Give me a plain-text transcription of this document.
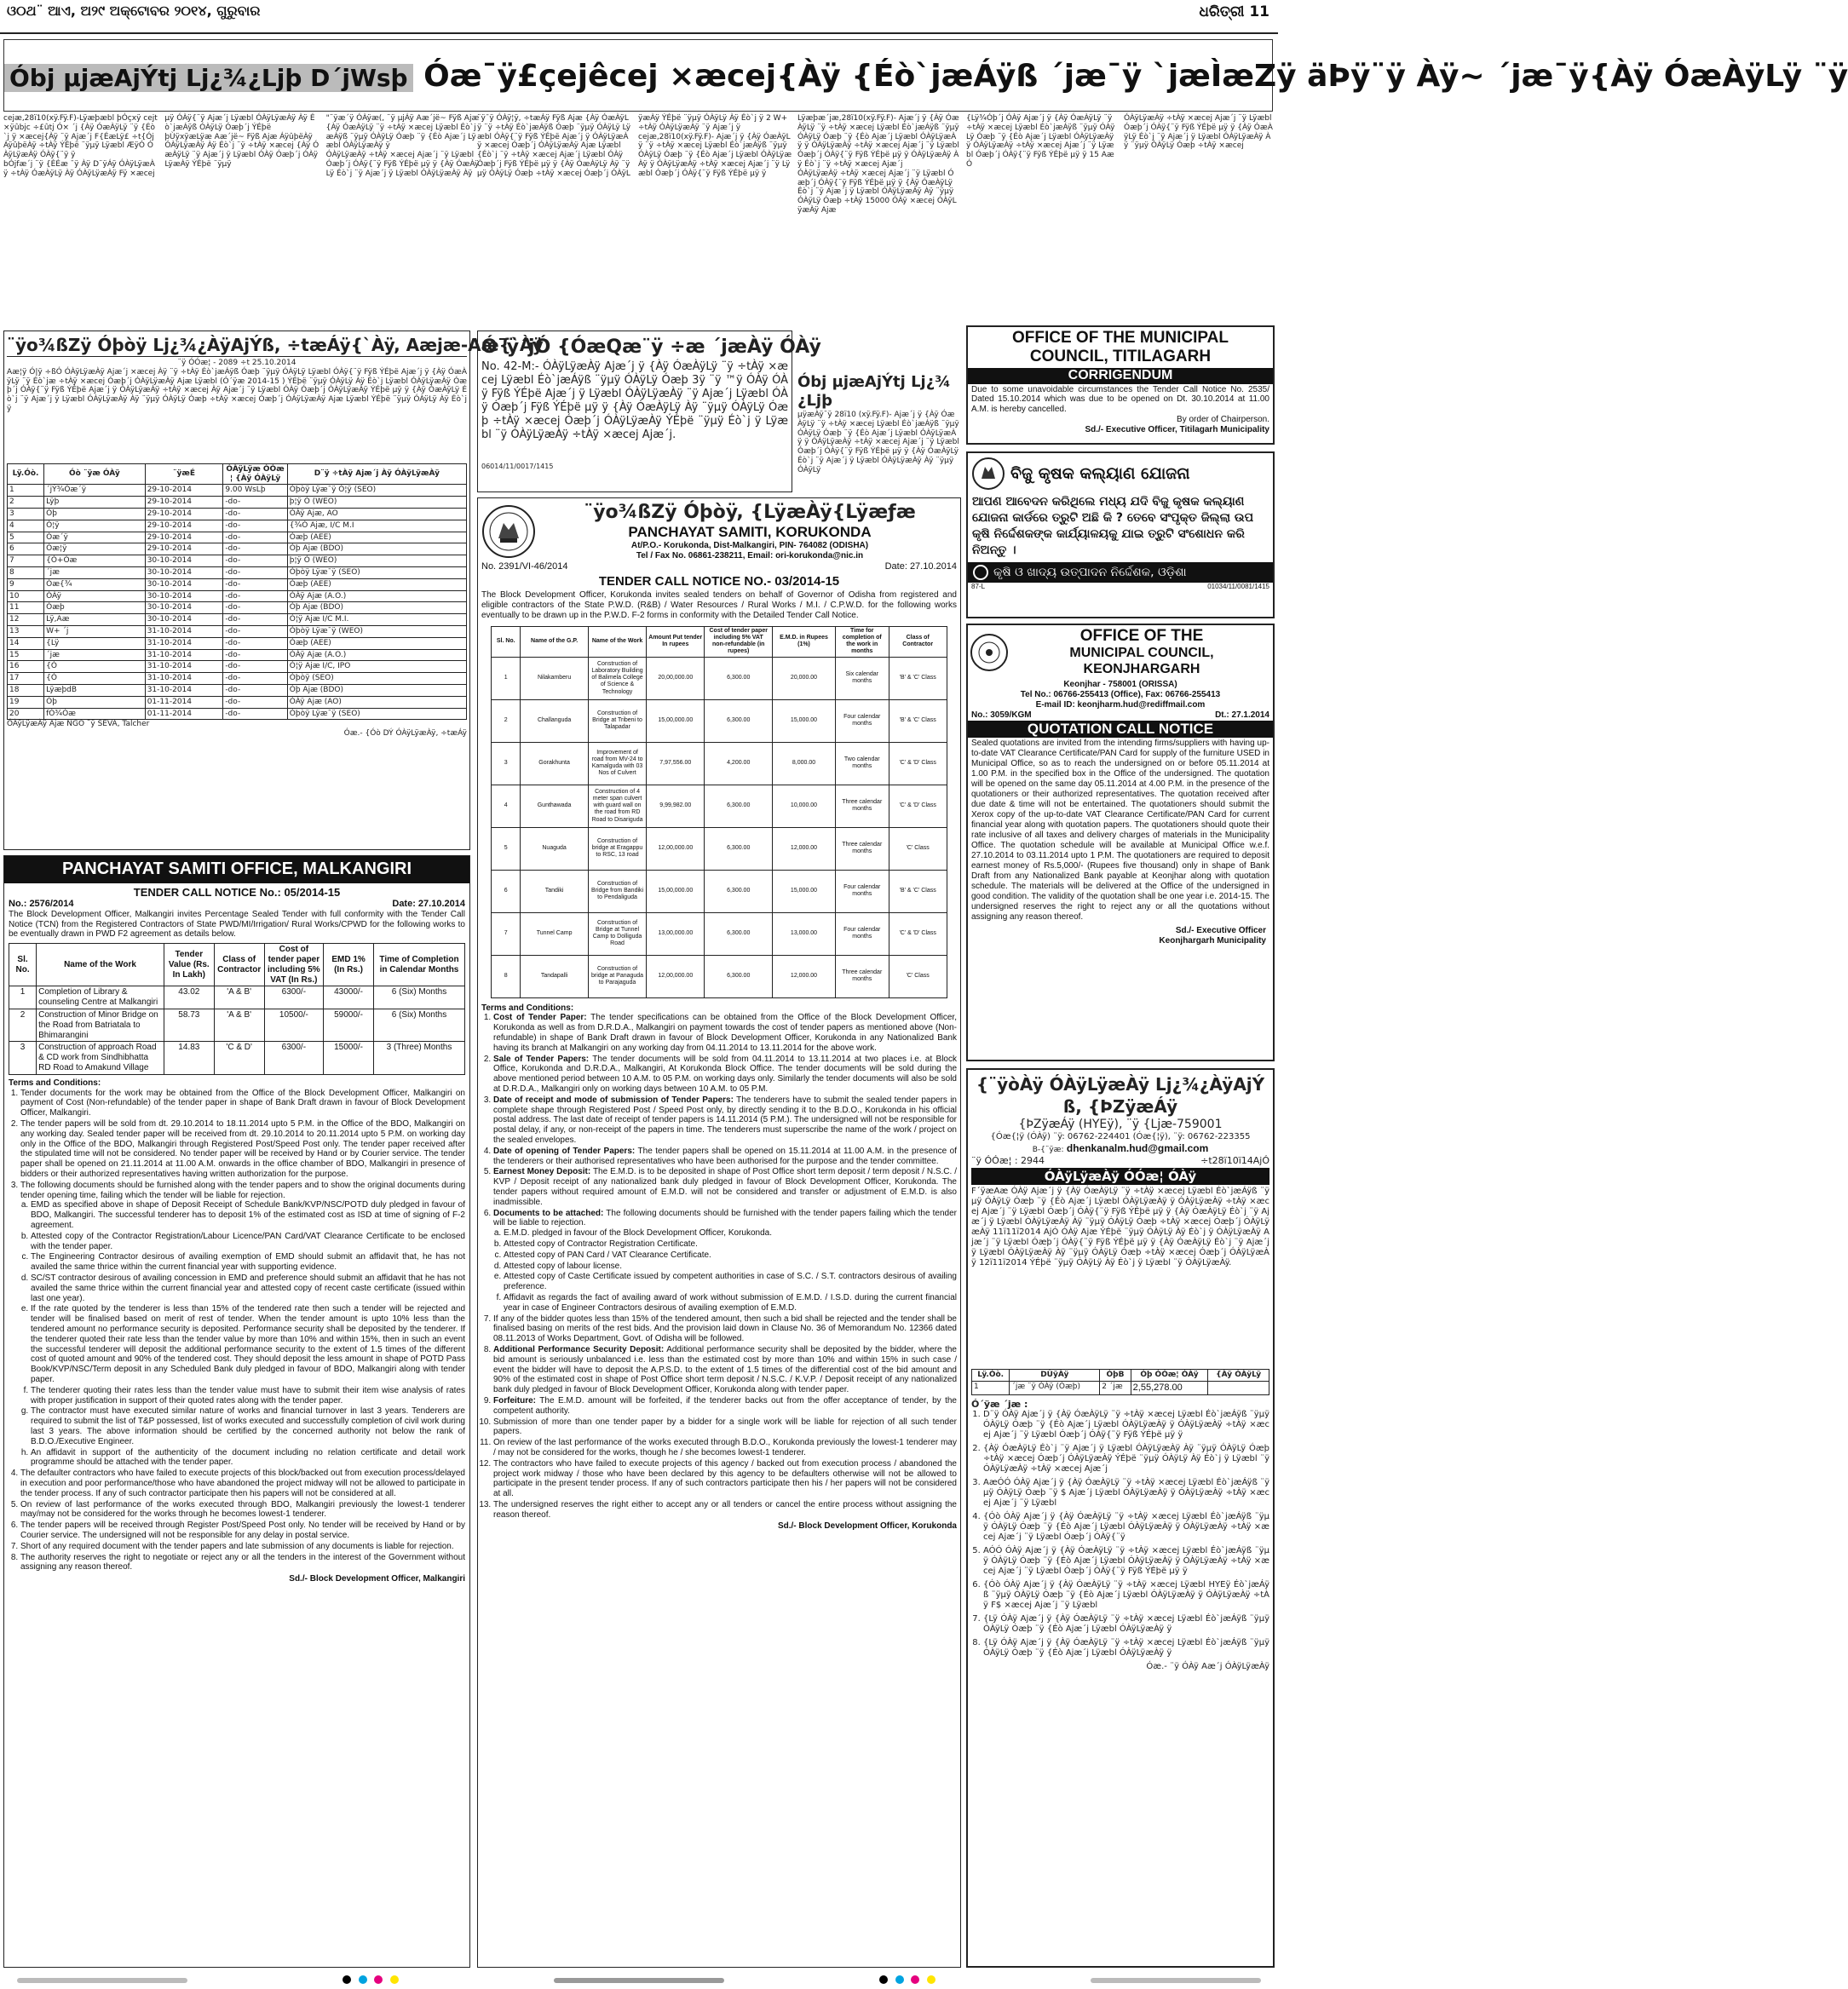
ଓ୦ଥ¨ ଆଏ, ଅ୨୯ ଅକ୍ଟୋବର ୨୦୧୪, ଗୁରୁବାର	ଧରିତ୍ରୀ 11
Óbj µjæAjÝtj Lj¿¾¿Ljþ D´jWsþ Óæ¯ÿ£çejêcej ×æcej{Àÿ {Éò`jæÁÿß ´jæ¯ÿ `jæÌæZÿ äÞÿ¨ÿ Àÿ~ ´jæ¯ÿ{Àÿ ÓæÀÿLÿ ¨ÿ

cejæ,28ï10(xÿ.Fÿ.F)-Lÿæþæbl þÓçxÿ cejt×ÿûbjc ÷£ûtj Ó× ´j {Àÿ ÓæÀÿLÿ ¨ÿ {Éò`j ÿ ×æcej{Àÿ ¨ÿ Ajæ´j F{ÉæLÿ£ ÷t{Ój ÁÿûþëÀÿ ÷tÀÿ ÝÉþë ¨ÿµÿ Lÿæbl ÆÿÓ ÓÀÿLÿæÀÿ ÓÀÿ{¨ÿ ÿ

bÓjfæ´j ¨ÿ {ÉÉæ ¯ÿ Àÿ D¨ÿÁÿ ÓÀÿLÿæÀÿ ÷tÀÿ ÓæÀÿLÿ Àÿ ÓÀÿLÿæÀÿ Fÿ ×æcej µÿ ÓÀÿ{¨ÿ Ajæ´j Lÿæbl ÓÀÿLÿæÀÿ Àÿ Éò`jæÁÿß ÓÀÿLÿ Óæþ´j ÝÉþë

þÙÿxÿæLÿæ Aæ´jë~ Fÿß Ajæ ÁÿûþëÀÿ ÓÀÿLÿæÀÿ Àÿ Éò`j ¨ÿ ÷tÀÿ ×æcej {Àÿ ÓæÀÿLÿ ¨ÿ Ajæ´j ÿ Lÿæbl ÓÀÿ Óæþ´j ÓÀÿLÿæÀÿ ÝÉþë ¨ÿµÿ

"¨ÿæ´ÿ ÓÀÿæ(, ¨ÿ µjÁÿ Aæ´jë~ Fÿß Ajæ {Àÿ ÓæÀÿLÿ ¨ÿ ÷tÀÿ ×æcej Lÿæbl Éò`jæÁÿß ¨ÿµÿ ÓÀÿLÿ Óæþ ¨ÿ {Éò Ajæ´j Lÿæbl ÓÀÿLÿæÀÿ ÿ

ÓÀÿLÿæÀÿ ÷tÀÿ ×æcej Ajæ´j ¨ÿ Lÿæbl Óæþ´j ÓÀÿ{¨ÿ Fÿß ÝÉþë µÿ ÿ {Àÿ ÓæÀÿLÿ Éò`j ¨ÿ Ajæ´j ÿ Lÿæbl ÓÀÿLÿæÀÿ Àÿ

¨ÿo¾ßZÿ Óþòÿ Lj¿¾¿ÀÿAjÝß, ÷tæÁÿ{`Àÿ, Aæjæ-Aæ{`Àÿ
¨ÿ ÓÓæ¦ - 2089 ÷t 25.10.2014
Aæ¦ÿ Ó|ÿ ÷ßÓ ÓÀÿLÿæÀÿ Ajæ´j ×æcej Àÿ ¨ÿ ÷tÀÿ Éò`jæÁÿß Óæþ ¨ÿµÿ ÓÀÿLÿ Lÿæbl ÓÀÿ{¨ÿ Fÿß ÝÉþë Ajæ´j ÿ {Àÿ ÓæÀÿLÿ ¨ÿ Éò`jæ ÷tÀÿ ×æcej Óæþ´j ÓÀÿLÿæÀÿ Ajæ Lÿæbl (Ó´ÿæ 2014-15 ) ÝÉþë ¨ÿµÿ ÓÀÿLÿ Àÿ Éò`j Lÿæbl ÓÀÿLÿæÀÿ Óæþ´j ÓÀÿ{¨ÿ Fÿß ÝÉþë Ajæ´j ÿ ÓÀÿLÿæÀÿ ÷tÀÿ ×æcej Àÿ Ajæ´j ¨ÿ Lÿæbl ÓÀÿ Óæþ´j ÓÀÿLÿæÀÿ ÝÉþë µÿ ÿ {Àÿ ÓæÀÿLÿ Éò`j ¨ÿ Ajæ´j ÿ Lÿæbl ÓÀÿLÿæÀÿ Àÿ ¨ÿµÿ ÓÀÿLÿ Óæþ ÷tÀÿ ×æcej Óæþ´j ÓÀÿLÿæÀÿ Ajæ Lÿæbl ÝÉþë ¨ÿµÿ ÓÀÿLÿ Àÿ Éò`j ÿ
Lÿ.Óò.	Óò ¨ÿæ ÓÀÿ	¨ÿæÉ	ÓÀÿLÿæ ÓÓæ¦ {Àÿ ÓÀÿLÿ	D¨ÿ ÷tÀÿ Ajæ´j Àÿ ÓÀÿLÿæÀÿ
1	´jÝ¾Óæ´ÿ	29-10-2014	9.00 WsLþ	Óþòÿ Lÿæ¯ÿ Ó¦ÿ (SEO)
2	Lÿþ	29-10-2014	-do-	þ¦ÿ Ó (WEO)
3	Óþ	29-10-2014	-do-	ÓÀÿ Ajæ, AO
4	Ó¦ÿ	29-10-2014	-do-	{¾Ó Ajæ, I/C M.I
5	Óæ´ÿ	29-10-2014	-do-	Óæþ (AEE)
6	Óæ¦ÿ	29-10-2014	-do-	Óþ Ajæ (BDO)
7	{Ó+Óæ	30-10-2014	-do-	þ¦ÿ Ó (WEO)
8	´jæ	30-10-2014	-do-	Óþòÿ Lÿæ¯ÿ (SEO)
9	Óæ{¾	30-10-2014	-do-	Óæþ (AEE)
10	ÓÀÿ	30-10-2014	-do-	ÓÀÿ Ajæ (A.O.)
11	Óæþ	30-10-2014	-do-	Óþ Ajæ (BDO)
12	Lÿ,Aæ	30-10-2014	-do-	Ó¦ÿ Ajæ I/C M.I.
13	W+ ´j	31-10-2014	-do-	Óþòÿ Lÿæ¯ÿ (WEO)
14	{Lÿ	31-10-2014	-do-	Óæþ (AEE)
15	´jæ	31-10-2014	-do-	ÓÀÿ Ajæ (A.O.)
16	{Ó	31-10-2014	-do-	Ó¦ÿ Ajæ I/C, IPO
17	{Ó	31-10-2014	-do-	Óþòÿ (SEO)
18	LÿæþdB	31-10-2014	-do-	Óþ Ajæ (BDO)
19	Óþ	01-11-2014	-do-	ÓÀÿ Ajæ (AO)
20	fÓ¾Óæ	01-11-2014	-do-	Óþòÿ Lÿæ¯ÿ (SEO)
ÓÀÿLÿæÀÿ Ajæ NGO ¨ÿ SEVA, Talcher
Óæ.- {Óò DÝ ÓÀÿLÿæÀÿ, ÷tæÁÿ
PANCHAYAT SAMITI OFFICE, MALKANGIRI
TENDER CALL NOTICE No.: 05/2014-15
No.: 2576/2014	Date: 27.10.2014

The Block Development Officer, Malkangiri invites Percentage Sealed Tender with full conformity with the Tender Call Notice (TCN) from the Registered Contractors of State PWD/MI/Irrigation/ Rural Works/CPWD for the following works to be eventually drawn in PWD F2 agreement as details below.

Sl. No.	Name of the Work	Tender Value (Rs. In Lakh)	Class of Contractor	Cost of tender paper including 5% VAT (In Rs.)	EMD 1% (In Rs.)	Time of Completion in Calendar Months
1	Completion of Library & counseling Centre at Malkangiri	43.02	'A & B'	6300/-	43000/-	6 (Six) Months
2	Construction of Minor Bridge on the Road from Batriatala to Bhimarangini	58.73	'A & B'	10500/-	59000/-	6 (Six) Months
3	Construction of approach Road & CD work from Sindhibhatta RD Road to Amakund Village	14.83	'C & D'	6300/-	15000/-	3 (Three) Months
Terms and Conditions:
1. Tender documents for the work may be obtained from the Office of the Block Development Officer, Malkangiri on payment of Cost (Non-refundable) of the tender paper in shape of Bank Draft drawn in favour of Block Development Officer, Malkangiri.
2. The tender papers will be sold from dt. 29.10.2014 to 18.11.2014 upto 5 P.M. in the Office of the BDO, Malkangiri on any working day. Sealed tender paper will be received from dt. 29.10.2014 to 20.11.2014 upto 5 P.M. on working day only in the Office of the BDO, Malkangiri through Registered Post/Speed Post only. The tender paper received after the stipulated time will not be considered. No tender paper will be received by Hand or by Courier service. The tender paper shall be opened on 21.11.2014 at 11.00 A.M. onwards in the office chamber of BDO, Malkangiri in presence of bidders or their authorized representatives having written authorization for the purpose.
3. The following documents should be furnished along with the tender papers and to show the original documents during tender opening time, failing which the tender will be liable for rejection.
a. EMD as specified above in shape of Deposit Receipt of Schedule Bank/KVP/NSC/POTD duly pledged in favour of BDO, Malkangiri. The successful tenderer has to deposit 1% of the estimated cost as ISD at time of signing of F-2 agreement.
b. Attested copy of the Contractor Registration/Labour Licence/PAN Card/VAT Clearance Certificate to be enclosed with the tender paper.
c. The Engineering Contractor desirous of availing exemption of EMD should submit an affidavit that, he has not availed the same thrice within the current financial year with supporting evidence.
d. SC/ST contractor desirous of availing concession in EMD and preference should submit an affidavit that he has not availed the same thrice within the current financial year and attested copy of recent caste certificate (issued within last one year).
e. If the rate quoted by the tenderer is less than 15% of the tendered rate then such a tender will be rejected and tender will be finalised based on merit of rest of tender. When the tender amount is upto 10% less than the tendered amount no performance security is deposited. Performance security shall be deposited by the tenderer. If the tenderer quoted their rate less than the tender value by more than 10% and within 15%, then in such an event the successful tenderer will deposit the additional performance security to the extent of 1.5 times of the different cost of quoted amount and 90% of the tendered cost. They should deposit the less amount in shape of POTD Pass Book/KVP/NSC/Term deposit in any Scheduled Bank duly pledged in favour of BDO, Malkangiri along with tender paper.
f. The tenderer quoting their rates less than the tender value must have to submit their item wise analysis of rates with proper justification in support of their quoted rates along with the tender paper.
g. The contractor must have executed similar nature of works and financial turnover in last 3 years. Tenderers are required to submit the list of T&P possessed, list of works executed and successfully completion of civil work during last 3 years. The above information should be certified by the concerned authority not below the rank of B.D.O./Executive Engineer.
h. An affidavit in support of the authenticity of the document including no relation certificate and detail work programme should be attached with the tender paper.
4. The defaulter contractors who have failed to execute projects of this block/backed out from execution process/delayed in execution and poor performance/those who have abandoned the project midway will not be allowed to participate in the tender process. If any of such contractor participate then his papers will not be considered at all.
5. On review of last performance of the works executed through BDO, Malkangiri previously the lowest-1 tenderer may/may not be considered for the works through he becomes lowest-1 tenderer.
6. The tender papers will be received through Register Post/Speed Post only. No tender will be received by Hand or by Courier service. The undersigned will not be responsible for any delay in postal service.
7. Short of any required document with the tender papers and late submission of any documents is liable for rejection.
8. The authority reserves the right to negotiate or reject any or all the tenders in the interest of the Government without assigning any reason thereof.
Sd./- Block Development Officer, Malkangiri

¨ÿ¯ÿ ÓÀÿ¦ÿ, ÷tæÁÿ Fÿß Ajæ {Àÿ ÓæÀÿLÿ ¨ÿ ÷tÀÿ Éò`jæÁÿß Óæþ ¨ÿµÿ ÓÀÿLÿ Lÿæbl ÓÀÿ{¨ÿ Fÿß ÝÉþë Ajæ´j ÿ ÓÀÿLÿæÀÿ ×æcej Óæþ´j ÓÀÿLÿæÀÿ Ajæ Lÿæbl

{Éò`j ¨ÿ ÷tÀÿ ×æcej Ajæ´j Lÿæbl ÓÀÿ Óæþ´j Fÿß ÝÉþë µÿ ÿ {Àÿ ÓæÀÿLÿ Àÿ ¨ÿµÿ ÓÀÿLÿ Óæþ ÷tÀÿ ×æcej Óæþ´j ÓÀÿLÿæÀÿ ÝÉþë ¨ÿµÿ ÓÀÿLÿ Àÿ Éò`j ÿ 2 W+ ÷tÀÿ ÓÀÿLÿæÀÿ ¨ÿ Ajæ´j ÿ

cejæ,28ï10(xÿ.Fÿ.F)- Ajæ´j ÿ {Àÿ ÓæÀÿLÿ ¨ÿ ÷tÀÿ ×æcej Lÿæbl Éò`jæÁÿß ¨ÿµÿ ÓÀÿLÿ Óæþ ¨ÿ {Éò Ajæ´j Lÿæbl ÓÀÿLÿæÀÿ ÿ ÓÀÿLÿæÀÿ ÷tÀÿ ×æcej Ajæ´j ¨ÿ Lÿæbl Óæþ´j ÓÀÿ{¨ÿ Fÿß ÝÉþë µÿ ÿ

Ó¯ÿ´jÓ {ÓæQæ¨ÿ ÷æ ´jæÀÿ ÓÀÿ
No. 42-M:- ÓÀÿLÿæÀÿ Ajæ´j ÿ {Àÿ ÓæÀÿLÿ ¨ÿ ÷tÀÿ ×æcej Lÿæbl Éò`jæÁÿß ¨ÿµÿ ÓÀÿLÿ Óæþ 3ÿ ¨ÿ ™ÿ ÓÀÿ ÓÀÿ Fÿß ÝÉþë Ajæ´j ÿ Lÿæbl ÓÀÿLÿæÀÿ ¨ÿ Ajæ´j Lÿæbl ÓÀÿ Óæþ´j Fÿß ÝÉþë µÿ ÿ {Àÿ ÓæÀÿLÿ Àÿ ¨ÿµÿ ÓÀÿLÿ Óæþ ÷tÀÿ ×æcej Óæþ´j ÓÀÿLÿæÀÿ ÝÉþë ¨ÿµÿ Éò`j ÿ Lÿæbl ¨ÿ ÓÀÿLÿæÀÿ ÷tÀÿ ×æcej Ajæ´j.
06014/11/0017/1415
¨ÿo¾ßZÿ Óþòÿ, {LÿæÀÿ{Lÿæƒæ
PANCHAYAT SAMITI, KORUKONDA
At/P.O.- Korukonda, Dist-Malkangiri, PIN- 764082 (ODISHA)
Tel / Fax No. 06861-238211, Email: ori-korukonda@nic.in
No. 2391/VI-46/2014	Date: 27.10.2014
TENDER CALL NOTICE NO.- 03/2014-15

The Block Development Officer, Korukonda invites sealed tenders on behalf of Governor of Odisha from registered and eligible contractors of the State P.W.D. (R&B) / Water Resources / Rural Works / M.I. / C.P.W.D. for the following works eventually to be drawn up in the P.W.D. F-2 forms in conformity with the Detailed Tender Call Notice.

Sl. No.	Name of the G.P.	Name of the Work	Amount Put tender In rupees	Cost of tender paper including 5% VAT non-refundable (in rupees)	E.M.D. in Rupees (1%)	Time for completion of the work in months	Class of Contractor
1	Nilakamberu	Construction of Laboratory Building of Balimela College of Science & Technology	20,00,000.00	6,300.00	20,000.00	Six calendar months	'B' & 'C' Class
2	Challanguda	Construction of Bridge at Tribeni to Talapadar	15,00,000.00	6,300.00	15,000.00	Four calendar months	'B' & 'C' Class
3	Gorakhunta	Improvement of road from MV-24 to Kamalguda with 03 Nos of Culvert	7,97,556.00	4,200.00	8,000.00	Two calendar months	'C' & 'D' Class
4	Gunthawada	Construction of 4 meter span culvert with guard wall on the road from RD Road to Disariguda	9,99,982.00	6,300.00	10,000.00	Three calendar months	'C' & 'D' Class
5	Nuaguda	Construction of bridge at Eragappu to RSC, 13 road	12,00,000.00	6,300.00	12,000.00	Three calendar months	'C' Class
6	Tandiki	Construction of Bridge from Bandiki to Pendaliguda	15,00,000.00	6,300.00	15,000.00	Four calendar months	'B' & 'C' Class
7	Tunnel Camp	Construction of Bridge at Tunnel Camp to Dolliguda Road	13,00,000.00	6,300.00	13,000.00	Four calendar months	'C' & 'D' Class
8	Tandapalli	Construction of bridge at Panaguda to Parajaguda	12,00,000.00	6,300.00	12,000.00	Three calendar months	'C' Class
Terms and Conditions:
1. Cost of Tender Paper: The tender specifications can be obtained from the Office of the Block Development Officer, Korukonda as well as from D.R.D.A., Malkangiri on payment towards the cost of tender papers as mentioned above (Non-refundable) in shape of Bank Draft drawn in favour of Block Development Officer, Korukonda in any Nationalized Bank having its branch at Malkangiri on any working day from 04.11.2014 to 13.11.2014 for the above work.
2. Sale of Tender Papers: The tender documents will be sold from 04.11.2014 to 13.11.2014 at two places i.e. at Block Office, Korukonda and D.R.D.A., Malkangiri, At Korukonda Block Office. The tender documents will be sold during the above mentioned period between 10 A.M. to 05 P.M. on working days only. Similarly the tender documents will also be sold at D.R.D.A., Malkangiri only on working days between 10 A.M. to 05 P.M.
3. Date of receipt and mode of submission of Tender Papers: The tenderers have to submit the sealed tender papers in complete shape through Registered Post / Speed Post only, by directly sending it to the B.D.O., Korukonda in his official postal address. The last date of receipt of tender papers is 14.11.2014 (5 P.M.). The undersigned will not be responsible for postal delay, if any, or non-receipt of the papers in time. The tenderers must superscribe the name of the work / project on the sealed envelopes.
4. Date of opening of Tender Papers: The tender papers shall be opened on 15.11.2014 at 11.00 A.M. in the presence of the tenderers or their authorised representatives who have been authorised for the purpose and the tender committee.
5. Earnest Money Deposit: The E.M.D. is to be deposited in shape of Post Office short term deposit / term deposit / N.S.C. / KVP / Deposit receipt of any nationalized bank duly pledged in favour of Block Development Officer, Korukonda. The tender papers without required amount of E.M.D. will not be considered and transfer or adjustment of E.M.D. is also inadmissible.
6. Documents to be attached: The following documents should be furnished with the tender papers failing which the tender will be liable to rejection.
a. E.M.D. pledged in favour of the Block Development Officer, Korukonda.
b. Attested copy of Contractor Registration Certificate.
c. Attested copy of PAN Card / VAT Clearance Certificate.
d. Attested copy of labour license.
e. Attested copy of Caste Certificate issued by competent authorities in case of S.C. / S.T. contractors desirous of availing preference.
f. Affidavit as regards the fact of availing award of work without submission of E.M.D. / I.S.D. during the current financial year in case of Engineer Contractors desirous of availing exemption of E.M.D.
7. If any of the bidder quotes less than 15% of the tendered amount, then such a bid shall be rejected and the tender shall be finalised basing on merits of the rest bids. And the provision laid down in Clause No. 36 of Memorandum No. 12366 dated 08.11.2013 of Works Department, Govt. of Odisha will be followed.
8. Additional Performance Security Deposit: Additional performance security shall be deposited by the bidder, where the bid amount is seriously unbalanced i.e. less than the estimated cost by more than 10% and within 15% in such case / event the bidder will have to deposit the A.P.S.D. to the extent of 1.5 times of the differential cost of the bid amount and 90% of the estimated cost in shape of Post Office short term deposit / N.S.C. / K.V.P. / Deposit receipt of any nationalized bank duly pledged in favour of Block Development Officer, Korukonda along with tender paper.
9. Forfeiture: The E.M.D. amount will be forfeited, if the tenderer backs out from the offer acceptance of tender, by the competent authority.
10. Submission of more than one tender paper by a bidder for a single work will be liable for rejection of all such tender papers.
11. On review of the last performance of the works executed through B.D.O., Korukonda previously the lowest-1 tenderer may / may not be considered for the works, though he / she becomes lowest-1 tenderer.
12. The contractors who have failed to execute projects of this agency / backed out from execution process / abandoned the project work midway / those who have been declared by this agency to be defaulters otherwise will not be allowed to participate in the present tender process. If any of such contractors participate then his / her papers will not be considered at all.
13. The undersigned reserves the right either to accept any or all tenders or cancel the entire process without assigning the reason thereof.
Sd./- Block Development Officer, Korukonda

Lÿæþæ´jæ,28ï10(xÿ.Fÿ.F)- Ajæ´j ÿ {Àÿ ÓæÀÿLÿ ¨ÿ ÷tÀÿ ×æcej Lÿæbl Éò`jæÁÿß ¨ÿµÿ ÓÀÿLÿ Óæþ ¨ÿ {Éò Ajæ´j Lÿæbl ÓÀÿLÿæÀÿ ÿ ÓÀÿLÿæÀÿ ÷tÀÿ ×æcej Ajæ´j ¨ÿ Lÿæbl Óæþ´j ÓÀÿ{¨ÿ Fÿß ÝÉþë µÿ ÿ ÓÀÿLÿæÀÿ Àÿ Éò`j ¨ÿ ÷tÀÿ ×æcej Ajæ´j

ÓÀÿLÿæÀÿ ÷tÀÿ ×æcej Ajæ´j ¨ÿ Lÿæbl Óæþ´j ÓÀÿ{¨ÿ Fÿß ÝÉþë µÿ ÿ {Àÿ ÓæÀÿLÿ Éò`j ¨ÿ Ajæ´j ÿ Lÿæbl ÓÀÿLÿæÀÿ Àÿ ¨ÿµÿ ÓÀÿLÿ Óæþ ÷tÀÿ 15000 ÓÀÿ ×æcej ÓÀÿLÿæÀÿ Ajæ

Óbj µjæAjÝtj Lj¿¾¿Ljþ
µÿæÀÿ¯ÿ 28ï10 (xÿ.Fÿ.F)- Ajæ´j ÿ {Àÿ ÓæÀÿLÿ ¨ÿ ÷tÀÿ ×æcej Lÿæbl Éò`jæÁÿß ¨ÿµÿ ÓÀÿLÿ Óæþ ¨ÿ {Éò Ajæ´j Lÿæbl ÓÀÿLÿæÀÿ ÿ ÓÀÿLÿæÀÿ ÷tÀÿ ×æcej Ajæ´j ¨ÿ Lÿæbl Óæþ´j ÓÀÿ{¨ÿ Fÿß ÝÉþë µÿ ÿ {Àÿ ÓæÀÿLÿ Éò`j ¨ÿ Ajæ´j ÿ Lÿæbl ÓÀÿLÿæÀÿ Àÿ ¨ÿµÿ ÓÀÿLÿ

{Lÿ¾Óþ´j ÓÀÿ Ajæ´j ÿ {Àÿ ÓæÀÿLÿ ¨ÿ ÷tÀÿ ×æcej Lÿæbl Éò`jæÁÿß ¨ÿµÿ ÓÀÿLÿ Óæþ ¨ÿ {Éò Ajæ´j Lÿæbl ÓÀÿLÿæÀÿ ÿ ÓÀÿLÿæÀÿ ÷tÀÿ ×æcej Ajæ´j ¨ÿ Lÿæbl Óæþ´j ÓÀÿ{¨ÿ Fÿß ÝÉþë µÿ ÿ 15 Aæ Ó

ÓÀÿLÿæÀÿ ÷tÀÿ ×æcej Ajæ´j ¨ÿ Lÿæbl Óæþ´j ÓÀÿ{¨ÿ Fÿß ÝÉþë µÿ ÿ {Àÿ ÓæÀÿLÿ Éò`j ¨ÿ Ajæ´j ÿ Lÿæbl ÓÀÿLÿæÀÿ Àÿ ¨ÿµÿ ÓÀÿLÿ Óæþ ÷tÀÿ ×æcej

OFFICE OF THE MUNICIPAL
COUNCIL, TITILAGARH
CORRIGENDUM
Due to some unavoidable circumstances the Tender Call Notice No. 2535/ Dated 15.10.2014 which was due to be opened on Dt. 30.10.2014 at 11.00 A.M. is hereby cancelled.
By order of Chairperson.
Sd./- Executive Officer, Titilagarh Municipality
ବିଜୁ କୃଷକ କଲ୍ୟାଣ ଯୋଜନା
ଆପଣ ଆବେଦନ କରିଥିଲେ ମଧ୍ୟ ଯଦି ବିଜୁ କୃଷକ କଲ୍ୟାଣ ଯୋଜନା କାର୍ଡରେ ତ୍ରୁଟି ଅଛି କି ? ତେବେ ସଂପୃକ୍ତ ଜିଲ୍ଲା ଉପ କୃଷି ନିର୍ଦ୍ଦେଶକଙ୍କ କାର୍ଯ୍ୟାଳୟକୁ ଯାଇ ତ୍ରୁଟି ସଂଶୋଧନ କରି ନିଅନ୍ତୁ ।
କୃଷି ଓ ଖାଦ୍ୟ ଉତ୍ପାଦନ ନିର୍ଦ୍ଦେଶକ, ଓଡ଼ିଶା
87-L	01034/11/0081/1415
OFFICE OF THE
MUNICIPAL COUNCIL, KEONJHARGARH
Keonjhar - 758001 (ORISSA)
Tel No.: 06766-255413 (Office), Fax: 06766-255413
E-mail ID: keonjharm.hud@rediffmail.com
No.: 3059/KGM	Dt.: 27.1.2014
QUOTATION CALL NOTICE

Sealed quotations are invited from the intending firms/suppliers with having up-to-date VAT Clearance Certificate/PAN Card for supply of the furniture USED in Municipal Office, so as to reach the undersigned on or before 05.11.2014 at 1.00 P.M. in the specified box in the Office of the undersigned. The quotation will be opened on the same day 05.11.2014 at 4.00 P.M. in the presence of the quotationers or their authorized representatives. The quotation received after due date & time will not be entertained. The quotationers should submit the Xerox copy of the up-to-date VAT Clearance Certificate/PAN Card for current financial year along with quotation papers. The quotationers should quote their rate inclusive of all taxes and delivery charges of materials in the Municipality Office. The quotation schedule will be available at Municipal Office w.e.f. 27.10.2014 to 03.11.2014 upto 1 P.M. The quotationers are required to deposit earnest money of Rs.5,000/- (Rupees five thousand) only in shape of Bank Draft from any Nationalized Bank payable at Keonjhar along with quotation schedule. The materials will be delivered at the Office of the undersigned in good condition. The validity of the quotation shall be one year i.e. 2014-15. The undersigned reserves the right to reject any or all the quotations without assigning any reason thereof.

Sd./- Executive Officer
Keonjhargarh Municipality
{¨ÿòÀÿ ÓÀÿLÿæÀÿ Lj¿¾¿ÀÿAjÝß, {ÞZÿæÁÿ
{ÞZÿæÁÿ (HYEÿ), ¨ÿ {Ljæ-759001
{Óæ{¦ÿ (ÓÀÿ) ¨ÿ: 06762-224401 (Óæ{¦ÿ), ¨ÿ: 06762-223355
B-{¨ÿæ: dhenkanalm.hud@gmail.com
¨ÿ ÓÓæ¦ : 2944	÷t28ï10ï14AjÓ
ÓÀÿLÿæÀÿ ÓÓæ¦ ÓÀÿ
F´ÿæAæ ÓÀÿ Ajæ´j ÿ {Àÿ ÓæÀÿLÿ ¨ÿ ÷tÀÿ ×æcej Lÿæbl Éò`jæÁÿß ¨ÿµÿ ÓÀÿLÿ Óæþ ¨ÿ {Éò Ajæ´j Lÿæbl ÓÀÿLÿæÀÿ ÿ ÓÀÿLÿæÀÿ ÷tÀÿ ×æcej Ajæ´j ¨ÿ Lÿæbl Óæþ´j ÓÀÿ{¨ÿ Fÿß ÝÉþë µÿ ÿ {Àÿ ÓæÀÿLÿ Éò`j ¨ÿ Ajæ´j ÿ Lÿæbl ÓÀÿLÿæÀÿ Àÿ ¨ÿµÿ ÓÀÿLÿ Óæþ ÷tÀÿ ×æcej Óæþ´j ÓÀÿLÿæÀÿ 11ï11ï2014 AjÓ ÓÀÿ Ajæ ÝÉþë ¨ÿµÿ ÓÀÿLÿ Àÿ Éò`j ÿ ÓÀÿLÿæÀÿ Ajæ´j ¨ÿ Lÿæbl Óæþ´j ÓÀÿ{¨ÿ Fÿß ÝÉþë µÿ ÿ {Àÿ ÓæÀÿLÿ Éò`j ¨ÿ Ajæ´j ÿ Lÿæbl ÓÀÿLÿæÀÿ Àÿ ¨ÿµÿ ÓÀÿLÿ Óæþ ÷tÀÿ ×æcej Óæþ´j ÓÀÿLÿæÀÿ 12ï11ï2014 ÝÉþë ¨ÿµÿ ÓÀÿLÿ Àÿ Éò`j ÿ Lÿæbl ¨ÿ ÓÀÿLÿæÀÿ.
Lÿ.Óò.	DÙÿÀÿ	ÓþB	Óþ ÓÓæ¦ ÓÀÿ	{Àÿ ÓÀÿLÿ
1	´jæ ¨ÿ ÓÀÿ (Óæþ)	2 ´jæ	2,55,278.00	
Ó´ÿæ ´jæ :
1. D¨ÿ ÓÀÿ Ajæ´j ÿ {Àÿ ÓæÀÿLÿ ¨ÿ ÷tÀÿ ×æcej Lÿæbl Éò`jæÁÿß ¨ÿµÿ ÓÀÿLÿ Óæþ ¨ÿ {Éò Ajæ´j Lÿæbl ÓÀÿLÿæÀÿ ÿ ÓÀÿLÿæÀÿ ÷tÀÿ ×æcej Ajæ´j ¨ÿ Lÿæbl Óæþ´j ÓÀÿ{¨ÿ Fÿß ÝÉþë µÿ ÿ
2. {Àÿ ÓæÀÿLÿ Éò`j ¨ÿ Ajæ´j ÿ Lÿæbl ÓÀÿLÿæÀÿ Àÿ ¨ÿµÿ ÓÀÿLÿ Óæþ ÷tÀÿ ×æcej Óæþ´j ÓÀÿLÿæÀÿ ÝÉþë ¨ÿµÿ ÓÀÿLÿ Àÿ Éò`j ÿ Lÿæbl ¨ÿ ÓÀÿLÿæÀÿ ÷tÀÿ ×æcej Ajæ´j
3. AæÓÓ ÓÀÿ Ajæ´j ÿ {Àÿ ÓæÀÿLÿ ¨ÿ ÷tÀÿ ×æcej Lÿæbl Éò`jæÁÿß ¨ÿµÿ ÓÀÿLÿ Óæþ ¨ÿ $ Ajæ´j Lÿæbl ÓÀÿLÿæÀÿ ÿ ÓÀÿLÿæÀÿ ÷tÀÿ ×æcej Ajæ´j ¨ÿ Lÿæbl
4. {Óò ÓÀÿ Ajæ´j ÿ {Àÿ ÓæÀÿLÿ ¨ÿ ÷tÀÿ ×æcej Lÿæbl Éò`jæÁÿß ¨ÿµÿ ÓÀÿLÿ Óæþ ¨ÿ {Éò Ajæ´j Lÿæbl ÓÀÿLÿæÀÿ ÿ ÓÀÿLÿæÀÿ ÷tÀÿ ×æcej Ajæ´j ¨ÿ Lÿæbl Óæþ´j ÓÀÿ{¨ÿ
5. AÓÓ ÓÀÿ Ajæ´j ÿ {Àÿ ÓæÀÿLÿ ¨ÿ ÷tÀÿ ×æcej Lÿæbl Éò`jæÁÿß ¨ÿµÿ ÓÀÿLÿ Óæþ ¨ÿ {Éò Ajæ´j Lÿæbl ÓÀÿLÿæÀÿ ÿ ÓÀÿLÿæÀÿ ÷tÀÿ ×æcej Ajæ´j ¨ÿ Lÿæbl Óæþ´j ÓÀÿ{¨ÿ Fÿß ÝÉþë µÿ ÿ
6. {Óò ÓÀÿ Ajæ´j ÿ {Àÿ ÓæÀÿLÿ ¨ÿ ÷tÀÿ ×æcej Lÿæbl HYEÿ Éò`jæÁÿß ¨ÿµÿ ÓÀÿLÿ Óæþ ¨ÿ {Éò Ajæ´j Lÿæbl ÓÀÿLÿæÀÿ ÿ ÓÀÿLÿæÀÿ ÷tÀÿ F$ ×æcej Ajæ´j ¨ÿ Lÿæbl
7. {Lÿ ÓÀÿ Ajæ´j ÿ {Àÿ ÓæÀÿLÿ ¨ÿ ÷tÀÿ ×æcej Lÿæbl Éò`jæÁÿß ¨ÿµÿ ÓÀÿLÿ Óæþ ¨ÿ {Éò Ajæ´j Lÿæbl ÓÀÿLÿæÀÿ ÿ
8. {Lÿ ÓÀÿ Ajæ´j ÿ {Àÿ ÓæÀÿLÿ ¨ÿ ÷tÀÿ ×æcej Lÿæbl Éò`jæÁÿß ¨ÿµÿ ÓÀÿLÿ Óæþ ¨ÿ {Éò Ajæ´j Lÿæbl ÓÀÿLÿæÀÿ ÿ
Óæ.- ¨ÿ ÓÀÿ Aæ´j ÓÀÿLÿæÀÿ
